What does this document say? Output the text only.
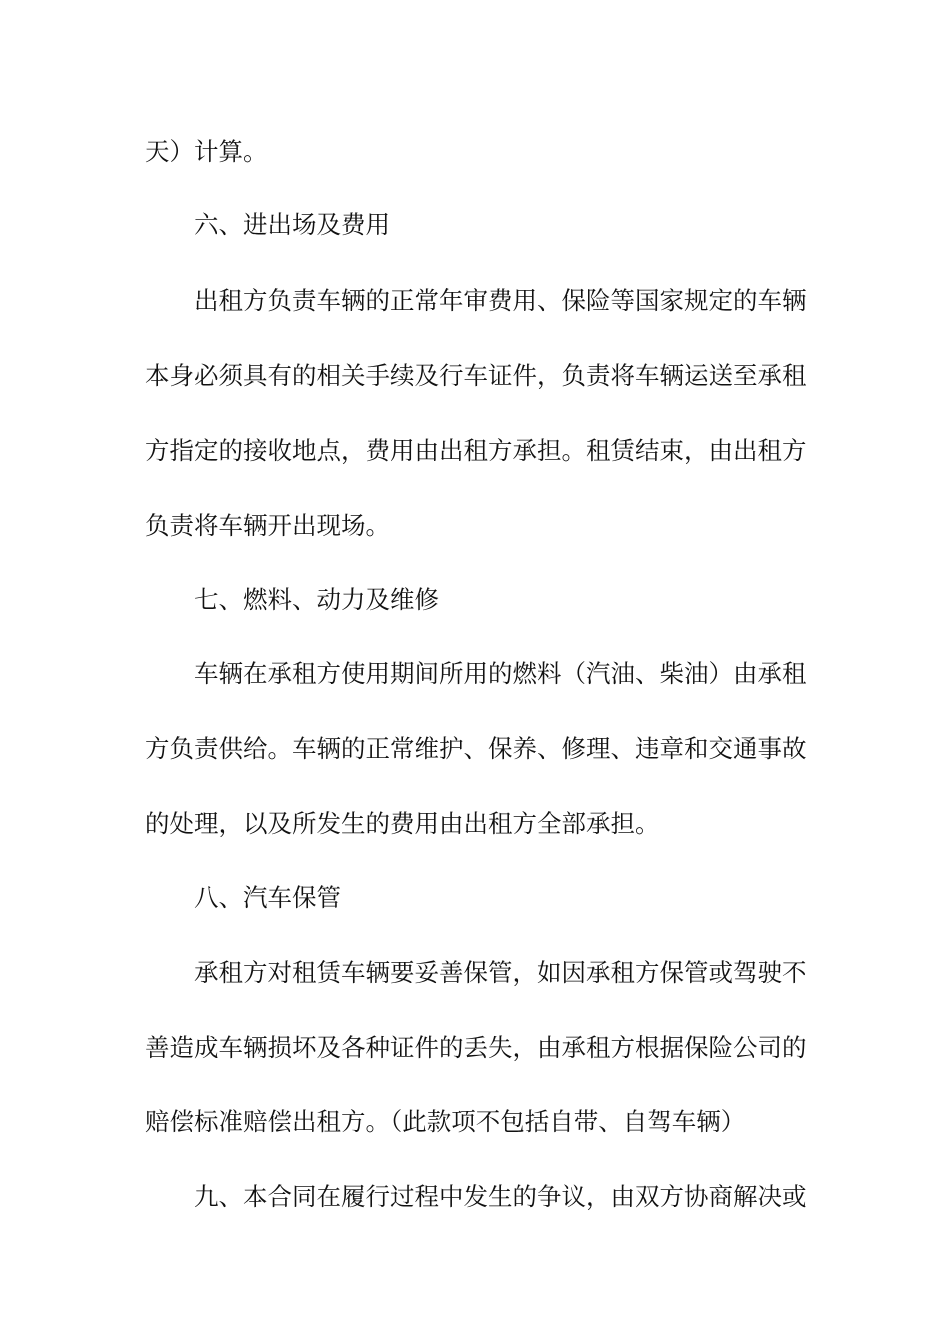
天）计算。
六、进出场及费用
出租方负责车辆的正常年审费用、保险等国家规定的车辆
本身必须具有的相关手续及行车证件，负责将车辆运送至承租
方指定的接收地点，费用由出租方承担。租赁结束，由出租方
负责将车辆开出现场。
七、燃料、动力及维修
车辆在承租方使用期间所用的燃料（汽油、柴油）由承租
方负责供给。车辆的正常维护、保养、修理、违章和交通事故
的处理，以及所发生的费用由出租方全部承担。
八、汽车保管
承租方对租赁车辆要妥善保管，如因承租方保管或驾驶不
善造成车辆损坏及各种证件的丢失，由承租方根据保险公司的
赔偿标准赔偿出租方。（此款项不包括自带、自驾车辆）
九、本合同在履行过程中发生的争议，由双方协商解决或
